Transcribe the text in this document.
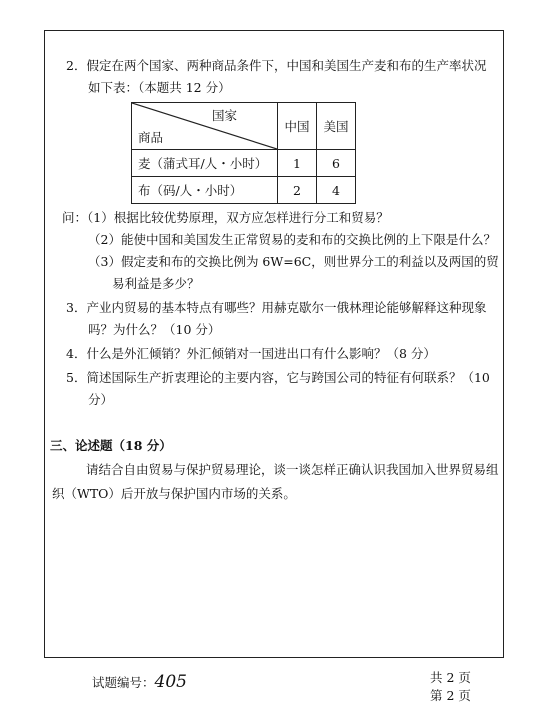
2．假定在两个国家、两种商品条件下，中国和美国生产麦和布的生产率状况
如下表：（本题共 12 分）
国家
商品	中国	美国
麦（蒲式耳/人・小时）	1	6
布（码/人・小时）	2	4
问：（1）根据比较优势原理，双方应怎样进行分工和贸易？
（2）能使中国和美国发生正常贸易的麦和布的交换比例的上下限是什么？
（3）假定麦和布的交换比例为 6W=6C，则世界分工的利益以及两国的贸
易利益是多少？
3．产业内贸易的基本特点有哪些？用赫克歇尔一俄林理论能够解释这种现象
吗？为什么？（10 分）
4．什么是外汇倾销？外汇倾销对一国进出口有什么影响？（8 分）
5．简述国际生产折衷理论的主要内容，它与跨国公司的特征有何联系？（10
分）
三、论述题（18 分）
请结合自由贸易与保护贸易理论，谈一谈怎样正确认识我国加入世界贸易组
织（WTO）后开放与保护国内市场的关系。
试题编号：405	共 2 页
第 2 页
